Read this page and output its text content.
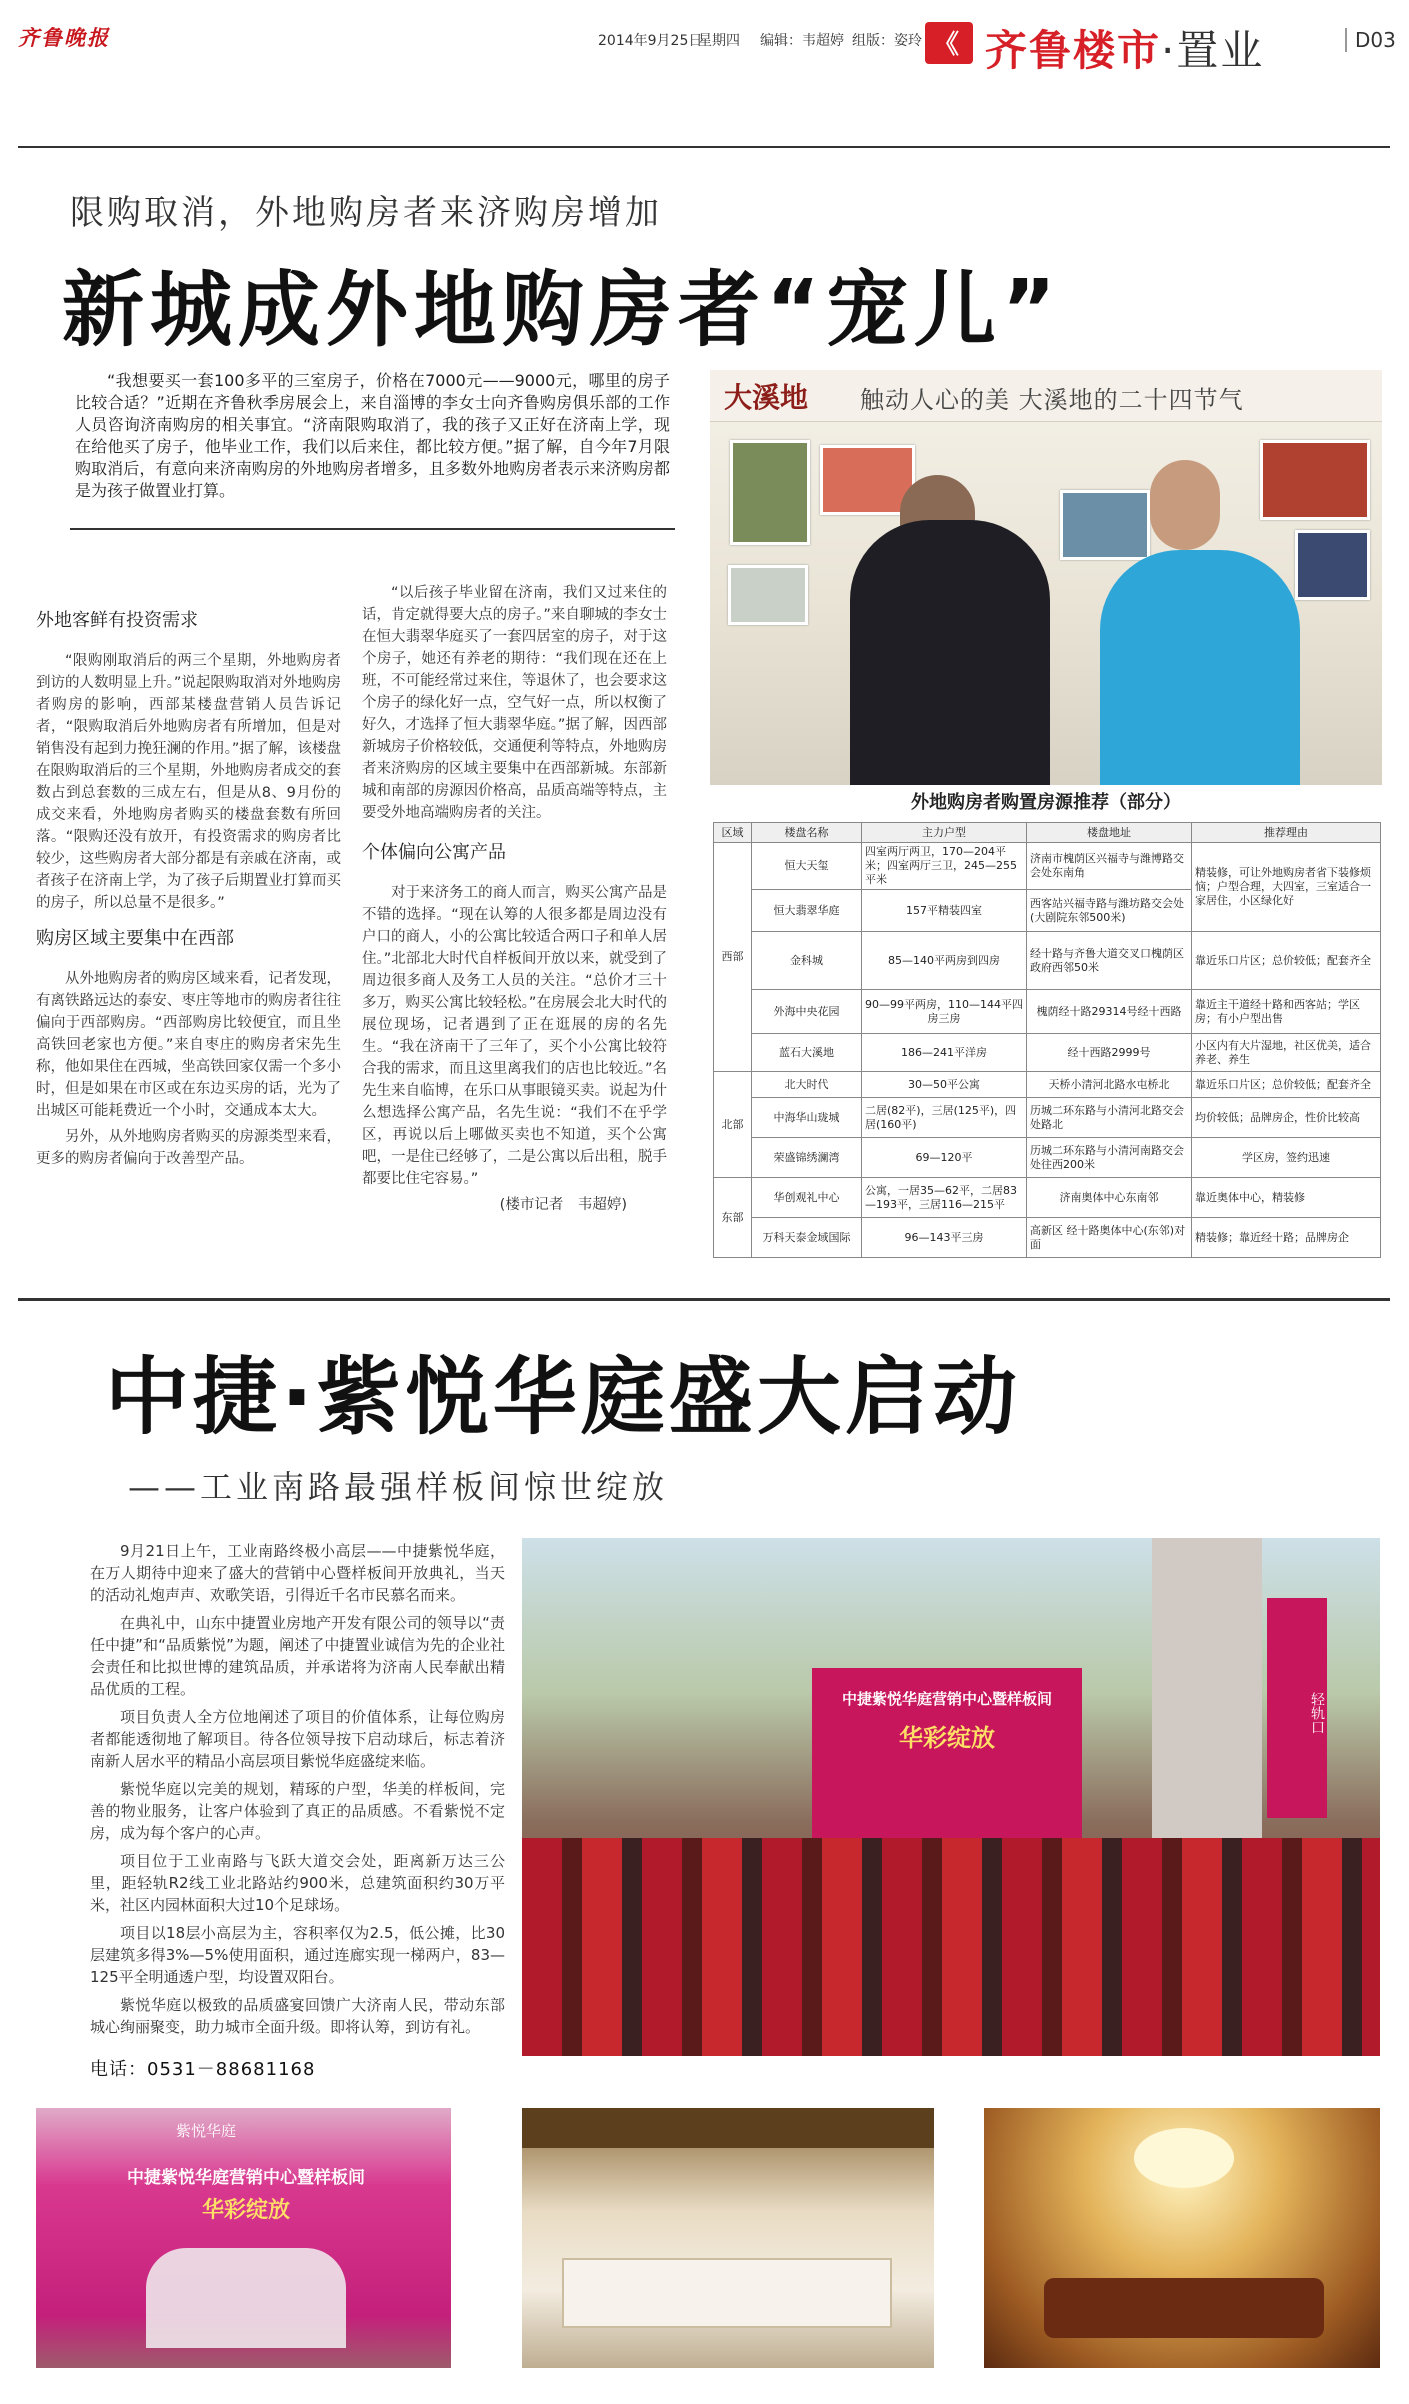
齐鲁晚报	2014年9月25日
星期四 编辑：韦超婷 组版：姿玲 《 齐鲁楼市·置业	D03
限购取消，外地购房者来济购房增加
新城成外地购房者“宠儿”
“我想要买一套100多平的三室房子，价格在7000元——9000元，哪里的房子比较合适？”近期在齐鲁秋季房展会上，来自淄博的李女士向齐鲁购房俱乐部的工作人员咨询济南购房的相关事宜。“济南限购取消了，我的孩子又正好在济南上学，现在给他买了房子，他毕业工作，我们以后来住，都比较方便。”据了解，自今年7月限购取消后，有意向来济南购房的外地购房者增多，且多数外地购房者表示来济购房都是为孩子做置业打算。
外地客鲜有投资需求

“限购刚取消后的两三个星期，外地购房者到访的人数明显上升。”说起限购取消对外地购房者购房的影响，西部某楼盘营销人员告诉记者，“限购取消后外地购房者有所增加，但是对销售没有起到力挽狂澜的作用。”据了解，该楼盘在限购取消后的三个星期，外地购房者成交的套数占到总套数的三成左右，但是从8、9月份的成交来看，外地购房者购买的楼盘套数有所回落。“限购还没有放开，有投资需求的购房者比较少，这些购房者大部分都是有亲戚在济南，或者孩子在济南上学，为了孩子后期置业打算而买的房子，所以总量不是很多。”

购房区域主要集中在西部

从外地购房者的购房区域来看，记者发现，有离铁路远达的泰安、枣庄等地市的购房者往往偏向于西部购房。“西部购房比较便宜，而且坐高铁回老家也方便。”来自枣庄的购房者宋先生称，他如果住在西城，坐高铁回家仅需一个多小时，但是如果在市区或在东边买房的话，光为了出城区可能耗费近一个小时，交通成本太大。

另外，从外地购房者购买的房源类型来看，更多的购房者偏向于改善型产品。

“以后孩子毕业留在济南，我们又过来住的话，肯定就得要大点的房子。”来自聊城的李女士在恒大翡翠华庭买了一套四居室的房子，对于这个房子，她还有养老的期待：“我们现在还在上班，不可能经常过来住，等退休了，也会要求这个房子的绿化好一点，空气好一点，所以权衡了好久，才选择了恒大翡翠华庭。”据了解，因西部新城房子价格较低，交通便利等特点，外地购房者来济购房的区域主要集中在西部新城。东部新城和南部的房源因价格高，品质高端等特点，主要受外地高端购房者的关注。

个体偏向公寓产品

对于来济务工的商人而言，购买公寓产品是不错的选择。“现在认筹的人很多都是周边没有户口的商人，小的公寓比较适合两口子和单人居住。”北部北大时代自样板间开放以来，就受到了周边很多商人及务工人员的关注。“总价才三十多万，购买公寓比较轻松。”在房展会北大时代的展位现场，记者遇到了正在逛展的房的名先生。“我在济南干了三年了，买个小公寓比较符合我的需求，而且这里离我们的店也比较近。”名先生来自临博，在乐口从事眼镜买卖。说起为什么想选择公寓产品，名先生说：“我们不在乎学区，再说以后上哪做买卖也不知道，买个公寓吧，一是住已经够了，二是公寓以后出租，脱手都要比住宅容易。”

(楼市记者　韦超婷)
大溪地 触动人心的美 大溪地的二十四节气
外地购房者购置房源推荐（部分）
区域	楼盘名称	主力户型	楼盘地址	推荐理由
西部	恒大天玺	四室两厅两卫，170—204平米；四室两厅三卫，245—255平米	济南市槐荫区兴福寺与潍博路交会处东南角	精装修，可让外地购房者省下装修烦恼；户型合理，大四室，三室适合一家居住，小区绿化好
	恒大翡翠华庭	157平精装四室	西客站兴福寺路与潍坊路交会处(大剧院东邻500米)	
	金科城	85—140平两房到四房	经十路与齐鲁大道交叉口槐荫区政府西邻50米	靠近乐口片区；总价较低；配套齐全
	外海中央花园	90—99平两房，110—144平四房三房	槐荫经十路29314号经十西路	靠近主干道经十路和西客站；学区房；有小户型出售
	蓝石大溪地	186—241平洋房	经十西路2999号	小区内有大片湿地，社区优美，适合养老、养生
北部	北大时代	30—50平公寓	天桥小清河北路水屯桥北	靠近乐口片区；总价较低；配套齐全
	中海华山珑城	二居(82平)，三居(125平)，四居(160平)	历城二环东路与小清河北路交会处路北	均价较低；品牌房企，性价比较高
	荣盛锦绣澜湾	69—120平	历城二环东路与小清河南路交会处往西200米	学区房，签约迅速
东部	华创观礼中心	公寓，一居35—62平，二居83—193平，三居116—215平	济南奥体中心东南邻	靠近奥体中心，精装修
	万科天泰金域国际	96—143平三房	高新区 经十路奥体中心(东邻)对面	精装修；靠近经十路；品牌房企
中捷·紫悦华庭盛大启动
——工业南路最强样板间惊世绽放

9月21日上午，工业南路终极小高层——中捷紫悦华庭，在万人期待中迎来了盛大的营销中心暨样板间开放典礼，当天的活动礼炮声声、欢歌笑语，引得近千名市民慕名而来。

在典礼中，山东中捷置业房地产开发有限公司的领导以“责任中捷”和“品质紫悦”为题，阐述了中捷置业诚信为先的企业社会责任和比拟世博的建筑品质，并承诺将为济南人民奉献出精品优质的工程。

项目负责人全方位地阐述了项目的价值体系，让每位购房者都能透彻地了解项目。待各位领导按下启动球后，标志着济南新人居水平的精品小高层项目紫悦华庭盛绽来临。

紫悦华庭以完美的规划，精琢的户型，华美的样板间，完善的物业服务，让客户体验到了真正的品质感。不看紫悦不定房，成为每个客户的心声。

项目位于工业南路与飞跃大道交会处，距离新万达三公里，距轻轨R2线工业北路站约900米，总建筑面积约30万平米，社区内园林面积大过10个足球场。

项目以18层小高层为主，容积率仅为2.5，低公摊，比30层建筑多得3%—5%使用面积，通过连廊实现一梯两户，83—125平全明通透户型，均设置双阳台。

紫悦华庭以极致的品质盛宴回馈广大济南人民，带动东部城心绚丽聚变，助力城市全面升级。即将认筹，到访有礼。

电话：0531－88681168
轻轨口
中捷紫悦华庭营销中心暨样板间
华彩绽放
紫悦华庭
中捷紫悦华庭营销中心暨样板间
华彩绽放
